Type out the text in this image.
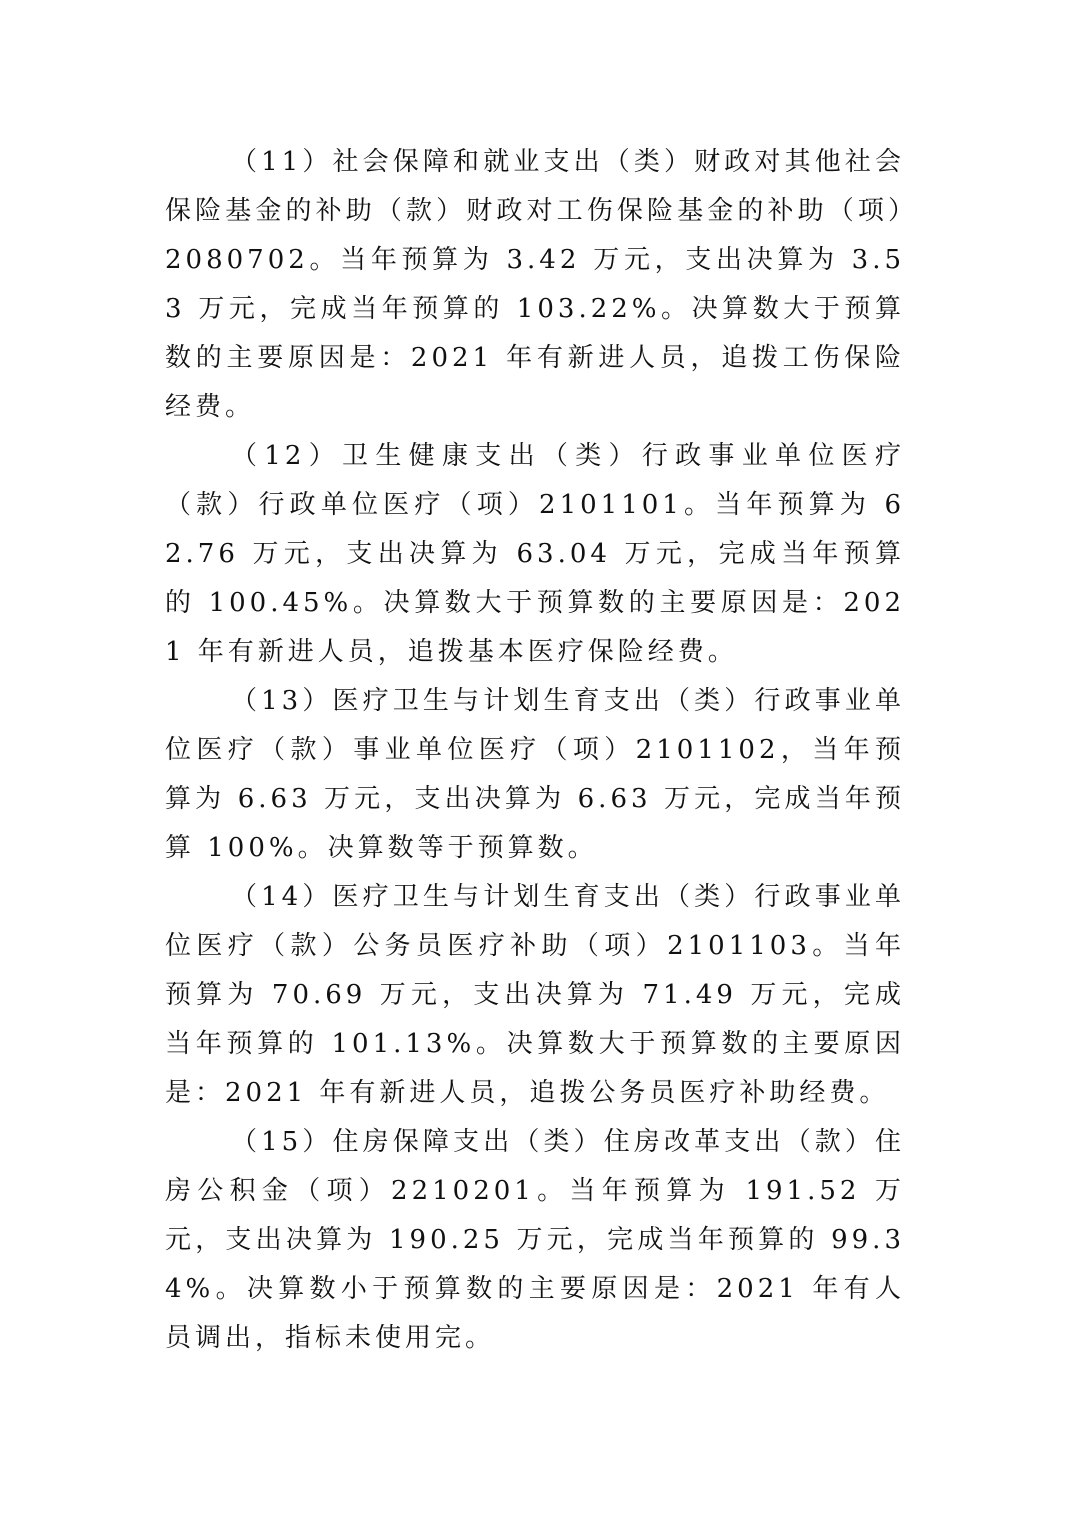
（11）社会保障和就业支出（类）财政对其他社会保险基金的补助（款）财政对工伤保险基金的补助（项）2080702。当年预算为 3.42 万元，支出决算为 3.53 万元，完成当年预算的 103.22%。决算数大于预算数的主要原因是：2021 年有新进人员，追拨工伤保险经费。

（12）卫生健康支出（类）行政事业单位医疗（款）行政单位医疗（项）2101101。当年预算为 62.76 万元，支出决算为 63.04 万元，完成当年预算的 100.45%。决算数大于预算数的主要原因是：2021 年有新进人员，追拨基本医疗保险经费。

（13）医疗卫生与计划生育支出（类）行政事业单位医疗（款）事业单位医疗（项）2101102，当年预算为 6.63 万元，支出决算为 6.63 万元，完成当年预算 100%。决算数等于预算数。

（14）医疗卫生与计划生育支出（类）行政事业单位医疗（款）公务员医疗补助（项）2101103。当年预算为 70.69 万元，支出决算为 71.49 万元，完成当年预算的 101.13%。决算数大于预算数的主要原因是：2021 年有新进人员，追拨公务员医疗补助经费。

（15）住房保障支出（类）住房改革支出（款）住房公积金（项）2210201。当年预算为 191.52 万元，支出决算为 190.25 万元，完成当年预算的 99.34%。决算数小于预算数的主要原因是：2021 年有人员调出，指标未使用完。
